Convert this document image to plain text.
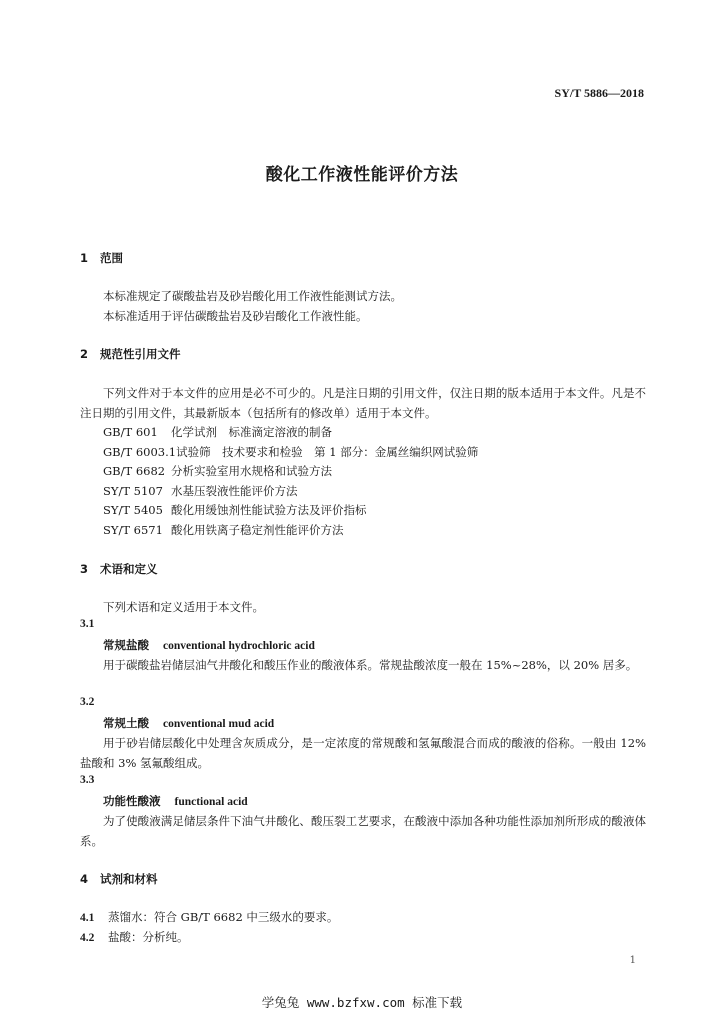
SY/T 5886—2018
酸化工作液性能评价方法
1 范围
本标准规定了碳酸盐岩及砂岩酸化用工作液性能测试方法。
本标准适用于评估碳酸盐岩及砂岩酸化工作液性能。
2 规范性引用文件
下列文件对于本文件的应用是必不可少的。凡是注日期的引用文件，仅注日期的版本适用于本文件。凡是不注日期的引用文件，其最新版本（包括所有的修改单）适用于本文件。
GB/T 601 化学试剂　标准滴定溶液的制备
GB/T 6003.1试验筛　技术要求和检验　第 1 部分：金属丝编织网试验筛
GB/T 6682 分析实验室用水规格和试验方法
SY/T 5107 水基压裂液性能评价方法
SY/T 5405 酸化用缓蚀剂性能试验方法及评价指标
SY/T 6571 酸化用铁离子稳定剂性能评价方法
3 术语和定义
下列术语和定义适用于本文件。
3.1
常规盐酸 conventional hydrochloric acid
用于碳酸盐岩储层油气井酸化和酸压作业的酸液体系。常规盐酸浓度一般在 15%~28%，以 20% 居多。
3.2
常规土酸 conventional mud acid
用于砂岩储层酸化中处理含灰质成分，是一定浓度的常规酸和氢氟酸混合而成的酸液的俗称。一般由 12% 盐酸和 3% 氢氟酸组成。
3.3
功能性酸液 functional acid
为了使酸液满足储层条件下油气井酸化、酸压裂工艺要求，在酸液中添加各种功能性添加剂所形成的酸液体系。
4 试剂和材料
4.1 蒸馏水：符合 GB/T 6682 中三级水的要求。
4.2 盐酸：分析纯。
1
学兔兔 www.bzfxw.com 标准下载
